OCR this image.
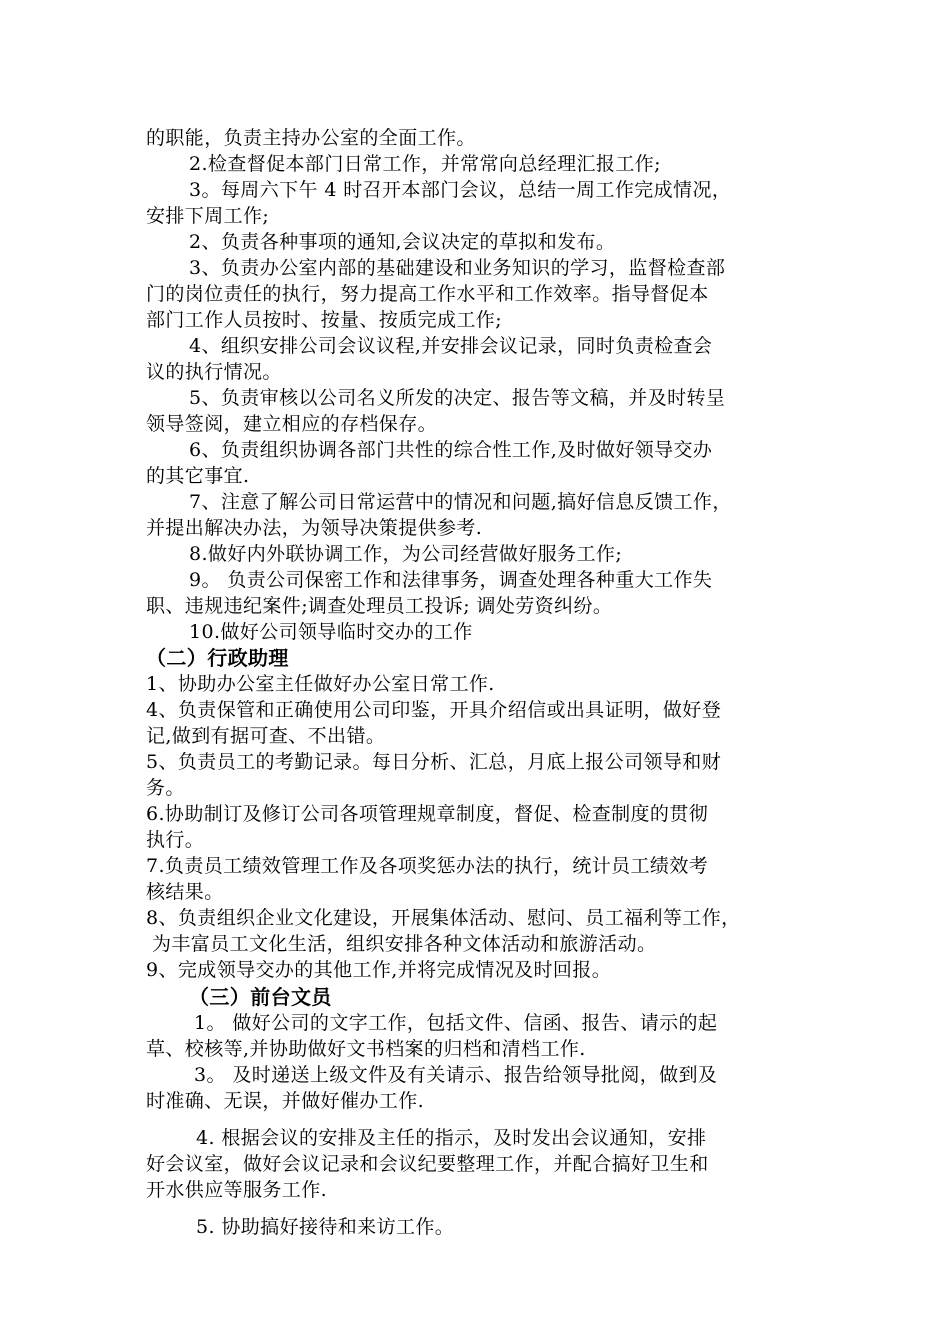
的职能，负责主持办公室的全面工作。
2.检查督促本部门日常工作，并常常向总经理汇报工作;
3。每周六下午 4 时召开本部门会议，总结一周工作完成情况，
安排下周工作;
2、负责各种事项的通知,会议决定的草拟和发布。
3、负责办公室内部的基础建设和业务知识的学习，监督检查部
门的岗位责任的执行，努力提高工作水平和工作效率。指导督促本
部门工作人员按时、按量、按质完成工作;
4、组织安排公司会议议程,并安排会议记录，同时负责检查会
议的执行情况。
5、负责审核以公司名义所发的决定、报告等文稿，并及时转呈
领导签阅，建立相应的存档保存。
6、负责组织协调各部门共性的综合性工作,及时做好领导交办
的其它事宜.
7、注意了解公司日常运营中的情况和问题,搞好信息反馈工作，
并提出解决办法，为领导决策提供参考.
8.做好内外联协调工作，为公司经营做好服务工作;
9。 负责公司保密工作和法律事务，调查处理各种重大工作失
职、违规违纪案件;调查处理员工投诉; 调处劳资纠纷。
10.做好公司领导临时交办的工作
（二）行政助理
1、协助办公室主任做好办公室日常工作.
4、负责保管和正确使用公司印鉴，开具介绍信或出具证明，做好登
记,做到有据可查、不出错。
5、负责员工的考勤记录。每日分析、汇总，月底上报公司领导和财
务。
6.协助制订及修订公司各项管理规章制度，督促、检查制度的贯彻
执行。
7.负责员工绩效管理工作及各项奖惩办法的执行，统计员工绩效考
核结果。
8、负责组织企业文化建设，开展集体活动、慰问、员工福利等工作，
为丰富员工文化生活，组织安排各种文体活动和旅游活动。
9、完成领导交办的其他工作,并将完成情况及时回报。
（三）前台文员
1。 做好公司的文字工作，包括文件、信函、报告、请示的起
草、校核等,并协助做好文书档案的归档和清档工作.
3。 及时递送上级文件及有关请示、报告给领导批阅，做到及
时准确、无误，并做好催办工作.
4. 根据会议的安排及主任的指示，及时发出会议通知，安排
好会议室，做好会议记录和会议纪要整理工作，并配合搞好卫生和
开水供应等服务工作.
5. 协助搞好接待和来访工作。
